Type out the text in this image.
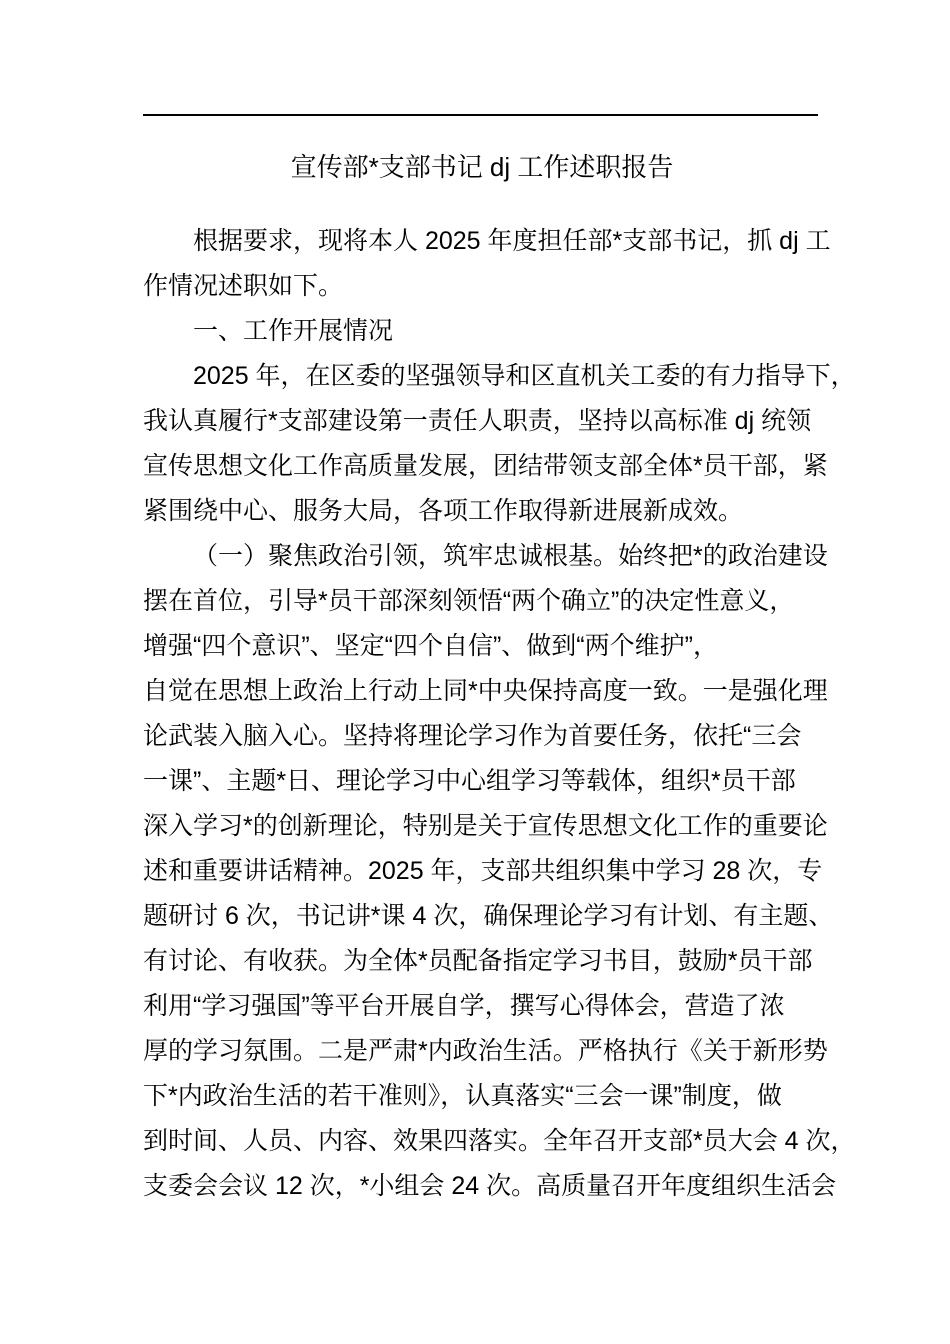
宣传部*支部书记 dj 工作述职报告
根据要求，现将本人 2025 年度担任部*支部书记，抓 dj 工
作情况述职如下。
一、工作开展情况
2025 年，在区委的坚强领导和区直机关工委的有力指导下，
我认真履行*支部建设第一责任人职责，坚持以高标准 dj 统领
宣传思想文化工作高质量发展，团结带领支部全体*员干部，紧
紧围绕中心、服务大局，各项工作取得新进展新成效。
（一）聚焦政治引领，筑牢忠诚根基。始终把*的政治建设
摆在首位，引导*员干部深刻领悟“两个确立”的决定性意义，
增强“四个意识”、坚定“四个自信”、做到“两个维护”，
自觉在思想上政治上行动上同*中央保持高度一致。一是强化理
论武装入脑入心。坚持将理论学习作为首要任务，依托“三会
一课”、主题*日、理论学习中心组学习等载体，组织*员干部
深入学习*的创新理论，特别是关于宣传思想文化工作的重要论
述和重要讲话精神。2025 年，支部共组织集中学习 28 次，专
题研讨 6 次，书记讲*课 4 次，确保理论学习有计划、有主题、
有讨论、有收获。为全体*员配备指定学习书目，鼓励*员干部
利用“学习强国”等平台开展自学，撰写心得体会，营造了浓
厚的学习氛围。二是严肃*内政治生活。严格执行《关于新形势
下*内政治生活的若干准则》，认真落实“三会一课”制度，做
到时间、人员、内容、效果四落实。全年召开支部*员大会 4 次，
支委会会议 12 次，*小组会 24 次。高质量召开年度组织生活会
